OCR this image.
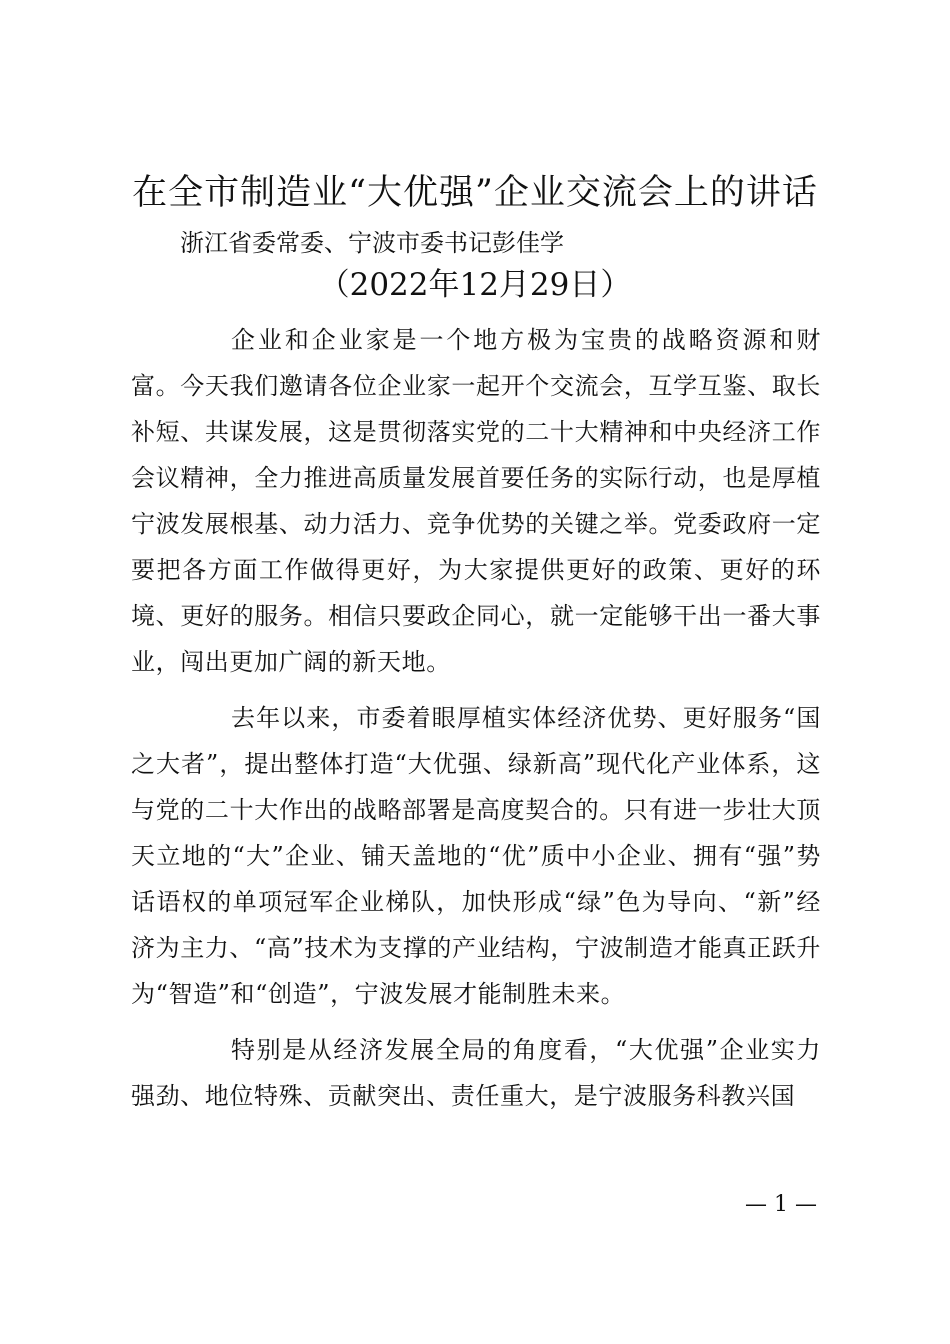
在全市制造业“大优强”企业交流会上的讲话
浙江省委常委、宁波市委书记彭佳学
（2022年12月29日）

企业和企业家是一个地方极为宝贵的战略资源和财富。今天我们邀请各位企业家一起开个交流会，互学互鉴、取长补短、共谋发展，这是贯彻落实党的二十大精神和中央经济工作会议精神，全力推进高质量发展首要任务的实际行动，也是厚植宁波发展根基、动力活力、竞争优势的关键之举。党委政府一定要把各方面工作做得更好，为大家提供更好的政策、更好的环境、更好的服务。相信只要政企同心，就一定能够干出一番大事业，闯出更加广阔的新天地。

去年以来，市委着眼厚植实体经济优势、更好服务“国之大者”，提出整体打造“大优强、绿新高”现代化产业体系，这与党的二十大作出的战略部署是高度契合的。只有进一步壮大顶天立地的“大”企业、铺天盖地的“优”质中小企业、拥有“强”势话语权的单项冠军企业梯队，加快形成“绿”色为导向、“新”经济为主力、“高”技术为支撑的产业结构，宁波制造才能真正跃升为“智造”和“创造”，宁波发展才能制胜未来。

特别是从经济发展全局的角度看，“大优强”企业实力强劲、地位特殊、贡献突出、责任重大，是宁波服务科教兴国

— 1 —
